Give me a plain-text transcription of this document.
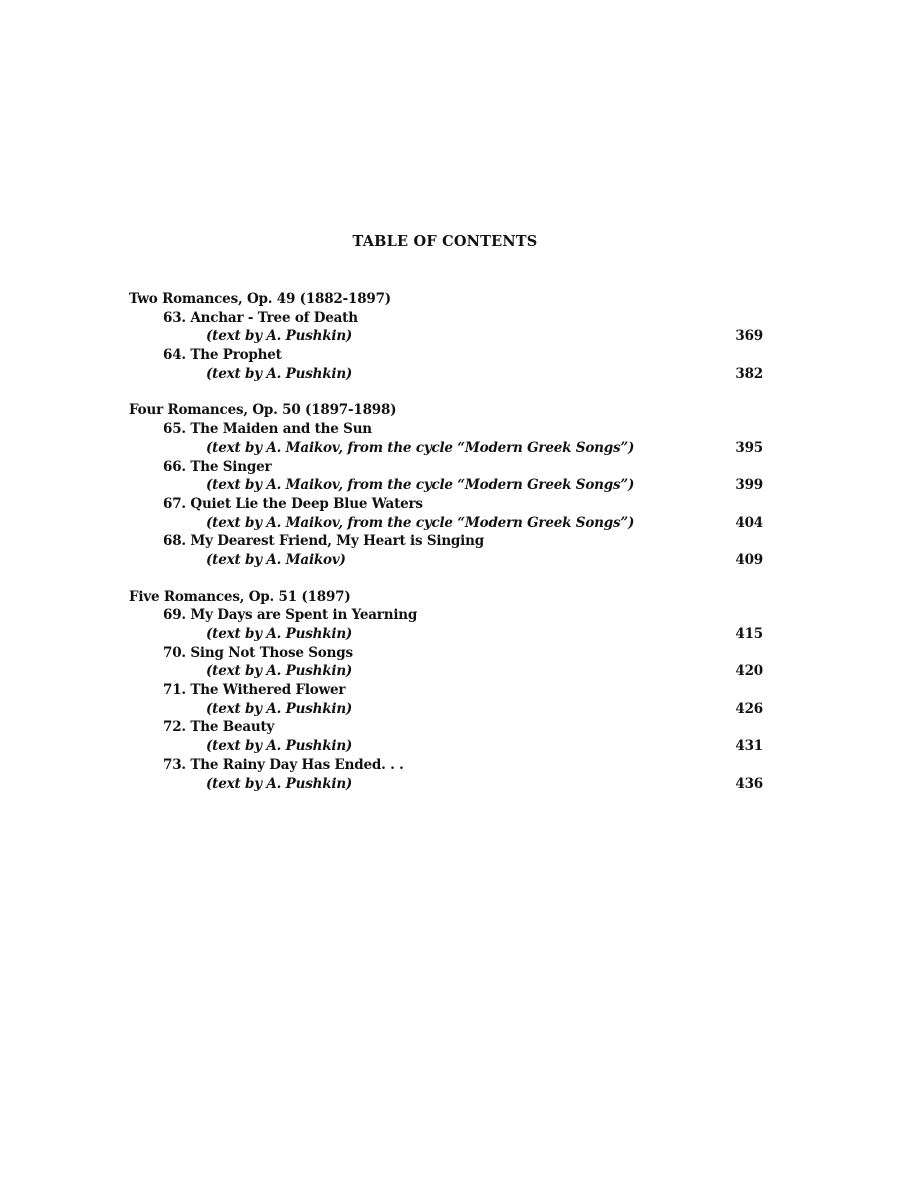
TABLE OF CONTENTS
Two Romances, Op. 49 (1882-1897)
63. Anchar - Tree of Death
(text by A. Pushkin)	369
64. The Prophet
(text by A. Pushkin)	382
Four Romances, Op. 50 (1897-1898)
65. The Maiden and the Sun
(text by A. Maikov, from the cycle “Modern Greek Songs”)	395
66. The Singer
(text by A. Maikov, from the cycle “Modern Greek Songs”)	399
67. Quiet Lie the Deep Blue Waters
(text by A. Maikov, from the cycle “Modern Greek Songs”)	404
68. My Dearest Friend, My Heart is Singing
(text by A. Maikov)	409
Five Romances, Op. 51 (1897)
69. My Days are Spent in Yearning
(text by A. Pushkin)	415
70. Sing Not Those Songs
(text by A. Pushkin)	420
71. The Withered Flower
(text by A. Pushkin)	426
72. The Beauty
(text by A. Pushkin)	431
73. The Rainy Day Has Ended. . .
(text by A. Pushkin)	436
